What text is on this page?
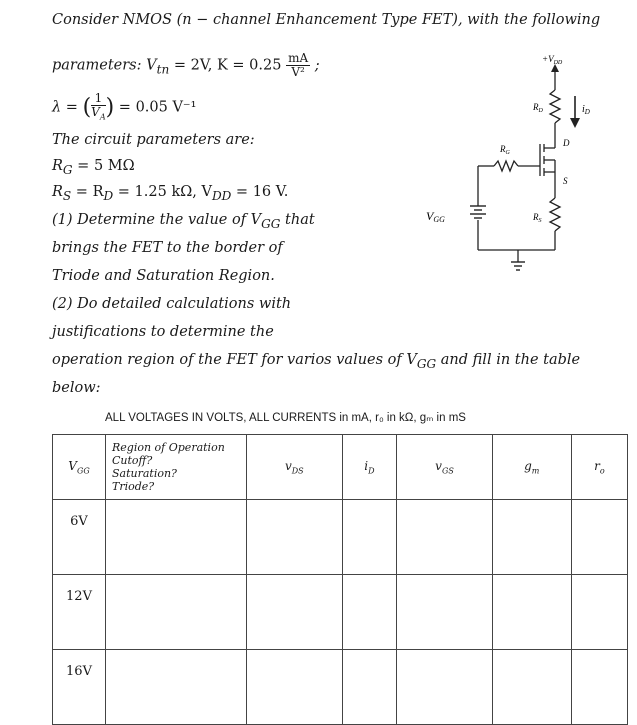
Consider NMOS (n − channel Enhancement Type FET), with the following
parameters: $V_{tn} = 2V$, $K = 0.25 \frac{mA}{\text{V²}}$ ;
λ = ( $\frac{1}{V_A}$ ) = 0.05 V⁻¹
The circuit parameters are:
$R_G = 5$ MΩ
$R_S = R_D = 1.25$ kΩ, $V_{DD} = 16$ V.
(1) Determine the value of $V_{GG}$ that
brings the FET to the border of
Triode and Saturation Region.
(2) Do detailed calculations with
justifications to determine the
operation region of the FET for varios values of $V_{GG}$ and fill in the table
below:
$+V_{DD}$
$R_D$	$i_D$
$R_G$
D
S
VGG	$R_S$
ALL VOLTAGES IN VOLTS, ALL CURRENTS in mA, r₀ in kΩ, gₘ in mS
$V_{GG}$	Region of Operation
Cutoff?
Saturation?
Triode?	$v_{DS}$	$i_D$	$v_{GS}$	$g_m$	$r_o$
6V						
12V						
16V						
